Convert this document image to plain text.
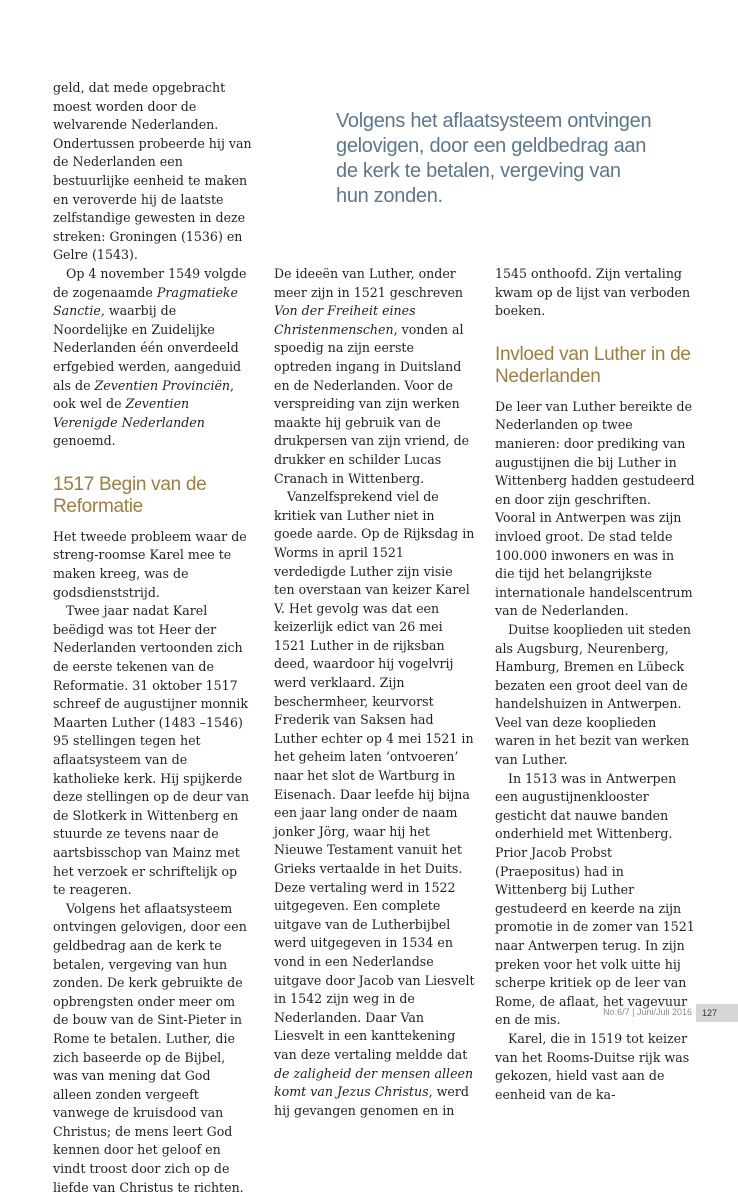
geld, dat mede opgebracht moest worden door de welvarende Nederlanden. Ondertussen probeerde hij van de Nederlanden een bestuurlijke eenheid te maken en veroverde hij de laatste zelfstandige gewesten in deze streken: Groningen (1536) en Gelre (1543).

Op 4 november 1549 volgde de zogenaamde Pragmatieke Sanctie, waarbij de Noordelijke en Zuidelijke Nederlanden één onverdeeld erfgebied werden, aangeduid als de Zeventien Provinciën, ook wel de Zeventien Verenigde Nederlanden genoemd.

1517 Begin van de Reformatie

Het tweede probleem waar de streng-roomse Karel mee te maken kreeg, was de godsdienststrijd.

Twee jaar nadat Karel beëdigd was tot Heer der Nederlanden vertoonden zich de eerste tekenen van de Reformatie. 31 oktober 1517 schreef de augustijner monnik Maarten Luther (1483 –1546) 95 stellingen tegen het aflaatsysteem van de katholieke kerk. Hij spijkerde deze stellingen op de deur van de Slotkerk in Wittenberg en stuurde ze tevens naar de aartsbisschop van Mainz met het verzoek er schriftelijk op te reageren.

Volgens het aflaatsysteem ontvingen gelovigen, door een geldbedrag aan de kerk te betalen, vergeving van hun zonden. De kerk gebruikte de opbrengsten onder meer om de bouw van de Sint-Pieter in Rome te betalen. Luther, die zich baseerde op de Bijbel, was van mening dat God alleen zonden vergeeft vanwege de kruisdood van Christus; de mens leert God kennen door het geloof en vindt troost door zich op de liefde van Christus te richten.

Volgens het aflaatsysteem ontvingen gelovigen, door een geldbedrag aan de kerk te betalen, vergeving van hun zonden.

De ideeën van Luther, onder meer zijn in 1521 geschreven Von der Freiheit eines Christenmenschen, vonden al spoedig na zijn eerste optreden ingang in Duitsland en de Nederlanden. Voor de verspreiding van zijn werken maakte hij gebruik van de drukpersen van zijn vriend, de drukker en schilder Lucas Cranach in Wittenberg.

Vanzelfsprekend viel de kritiek van Luther niet in goede aarde. Op de Rijksdag in Worms in april 1521 verdedigde Luther zijn visie ten overstaan van keizer Karel V. Het gevolg was dat een keizerlijk edict van 26 mei 1521 Luther in de rijksban deed, waardoor hij vogelvrij werd verklaard. Zijn beschermheer, keurvorst Frederik van Saksen had Luther echter op 4 mei 1521 in het geheim laten ‘ontvoeren’ naar het slot de Wartburg in Eisenach. Daar leefde hij bijna een jaar lang onder de naam jonker Jörg, waar hij het Nieuwe Testament vanuit het Grieks vertaalde in het Duits. Deze vertaling werd in 1522 uitgegeven. Een complete uitgave van de Lutherbijbel werd uitgegeven in 1534 en vond in een Nederlandse uitgave door Jacob van Liesvelt in 1542 zijn weg in de Nederlanden. Daar Van Liesvelt in een kanttekening van deze vertaling meldde dat de zaligheid der mensen alleen komt van Jezus Christus, werd hij gevangen genomen en in

1545 onthoofd. Zijn vertaling kwam op de lijst van verboden boeken.

Invloed van Luther in de Nederlanden

De leer van Luther bereikte de Nederlanden op twee manieren: door prediking van augustijnen die bij Luther in Wittenberg hadden gestudeerd en door zijn geschriften. Vooral in Antwerpen was zijn invloed groot. De stad telde 100.000 inwoners en was in die tijd het belangrijkste internationale handelscentrum van de Nederlanden.

Duitse kooplieden uit steden als Augsburg, Neurenberg, Hamburg, Bremen en Lübeck bezaten een groot deel van de handelshuizen in Antwerpen. Veel van deze kooplieden waren in het bezit van werken van Luther.

In 1513 was in Antwerpen een augustijnenklooster gesticht dat nauwe banden onderhield met Wittenberg. Prior Jacob Probst (Praepositus) had in Wittenberg bij Luther gestudeerd en keerde na zijn promotie in de zomer van 1521 naar Antwerpen terug. In zijn preken voor het volk uitte hij scherpe kritiek op de leer van Rome, de aflaat, het vagevuur en de mis.

Karel, die in 1519 tot keizer van het Rooms-Duitse rijk was gekozen, hield vast aan de eenheid van de ka-

No.6/7 | Juni/Juli 2016	127
